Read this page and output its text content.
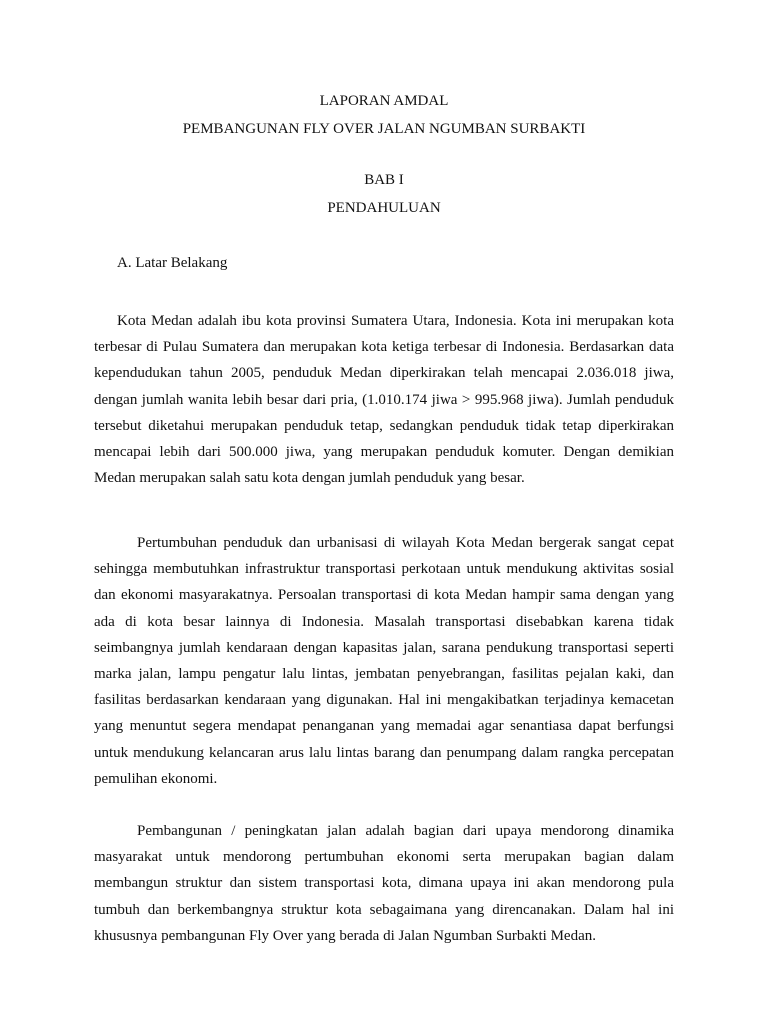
LAPORAN AMDAL
PEMBANGUNAN FLY OVER JALAN NGUMBAN SURBAKTI
BAB I
PENDAHULUAN
A. Latar Belakang

Kota Medan adalah ibu kota provinsi Sumatera Utara, Indonesia. Kota ini merupakan kota terbesar di Pulau Sumatera dan merupakan kota ketiga terbesar di Indonesia. Berdasarkan data kependudukan tahun 2005, penduduk Medan diperkirakan telah mencapai 2.036.018 jiwa, dengan jumlah wanita lebih besar dari pria, (1.010.174 jiwa > 995.968 jiwa). Jumlah penduduk tersebut diketahui merupakan penduduk tetap, sedangkan penduduk tidak tetap diperkirakan mencapai lebih dari 500.000 jiwa, yang merupakan penduduk komuter. Dengan demikian Medan merupakan salah satu kota dengan jumlah penduduk yang besar.

Pertumbuhan penduduk dan urbanisasi di wilayah Kota Medan bergerak sangat cepat sehingga membutuhkan infrastruktur transportasi perkotaan untuk mendukung aktivitas sosial dan ekonomi masyarakatnya. Persoalan transportasi di kota Medan hampir sama dengan yang ada di kota besar lainnya di Indonesia. Masalah transportasi disebabkan karena tidak seimbangnya jumlah kendaraan dengan kapasitas jalan, sarana pendukung transportasi seperti marka jalan, lampu pengatur lalu lintas, jembatan penyebrangan, fasilitas pejalan kaki, dan fasilitas berdasarkan kendaraan yang digunakan. Hal ini mengakibatkan terjadinya kemacetan yang menuntut segera mendapat penanganan yang memadai agar senantiasa dapat berfungsi untuk mendukung kelancaran arus lalu lintas barang dan penumpang dalam rangka percepatan pemulihan ekonomi.

Pembangunan / peningkatan jalan adalah bagian dari upaya mendorong dinamika masyarakat untuk mendorong pertumbuhan ekonomi serta merupakan bagian dalam membangun struktur dan sistem transportasi kota, dimana upaya ini akan mendorong pula tumbuh dan berkembangnya struktur kota sebagaimana yang direncanakan. Dalam hal ini khususnya pembangunan Fly Over yang berada di Jalan Ngumban Surbakti Medan.
